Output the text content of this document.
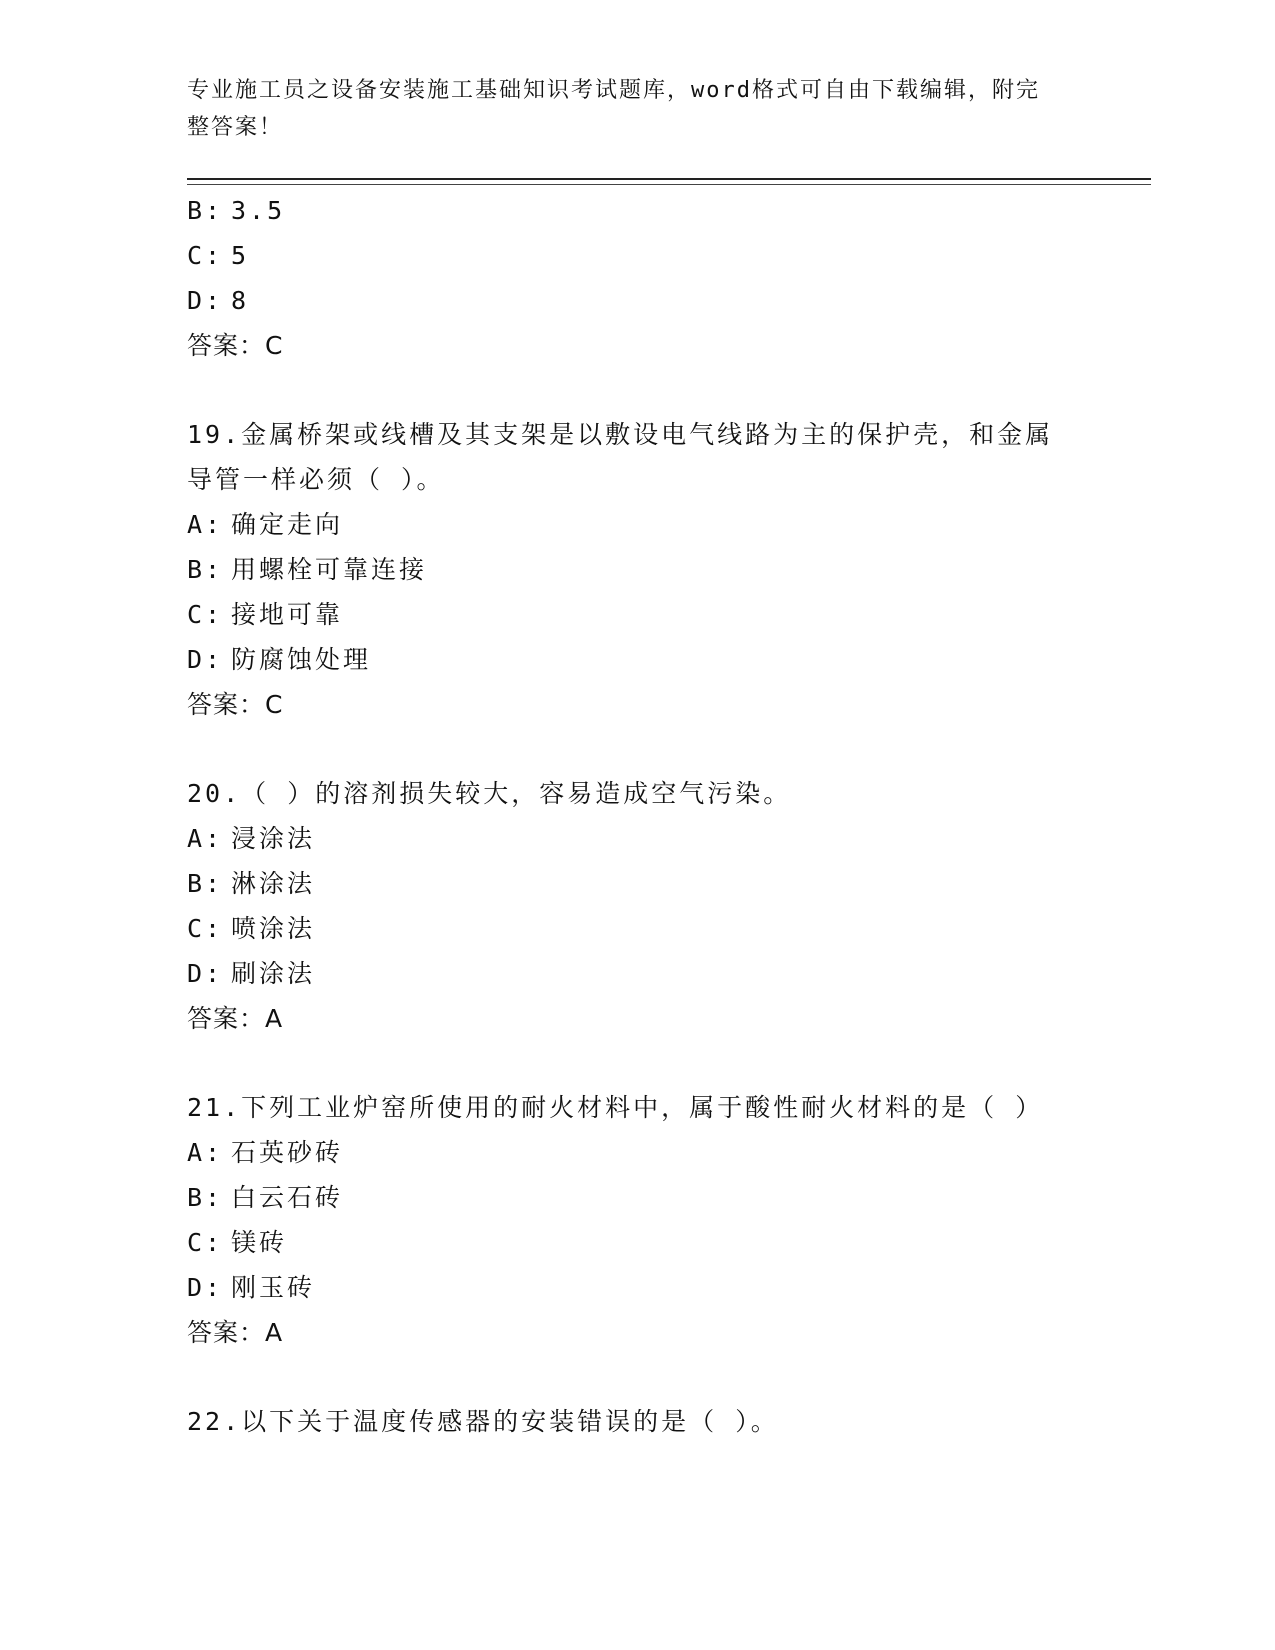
专业施工员之设备安装施工基础知识考试题库，word格式可自由下载编辑，附完
整答案！
B: 3.5
C: 5
D: 8
答案：C
19.金属桥架或线槽及其支架是以敷设电气线路为主的保护壳，和金属
导管一样必须（ ）。
A: 确定走向
B: 用螺栓可靠连接
C: 接地可靠
D: 防腐蚀处理
答案：C
20.（ ）的溶剂损失较大，容易造成空气污染。
A: 浸涂法
B: 淋涂法
C: 喷涂法
D: 刷涂法
答案：A
21.下列工业炉窑所使用的耐火材料中，属于酸性耐火材料的是（ ）
A: 石英砂砖
B: 白云石砖
C: 镁砖
D: 刚玉砖
答案：A
22.以下关于温度传感器的安装错误的是（ ）。
